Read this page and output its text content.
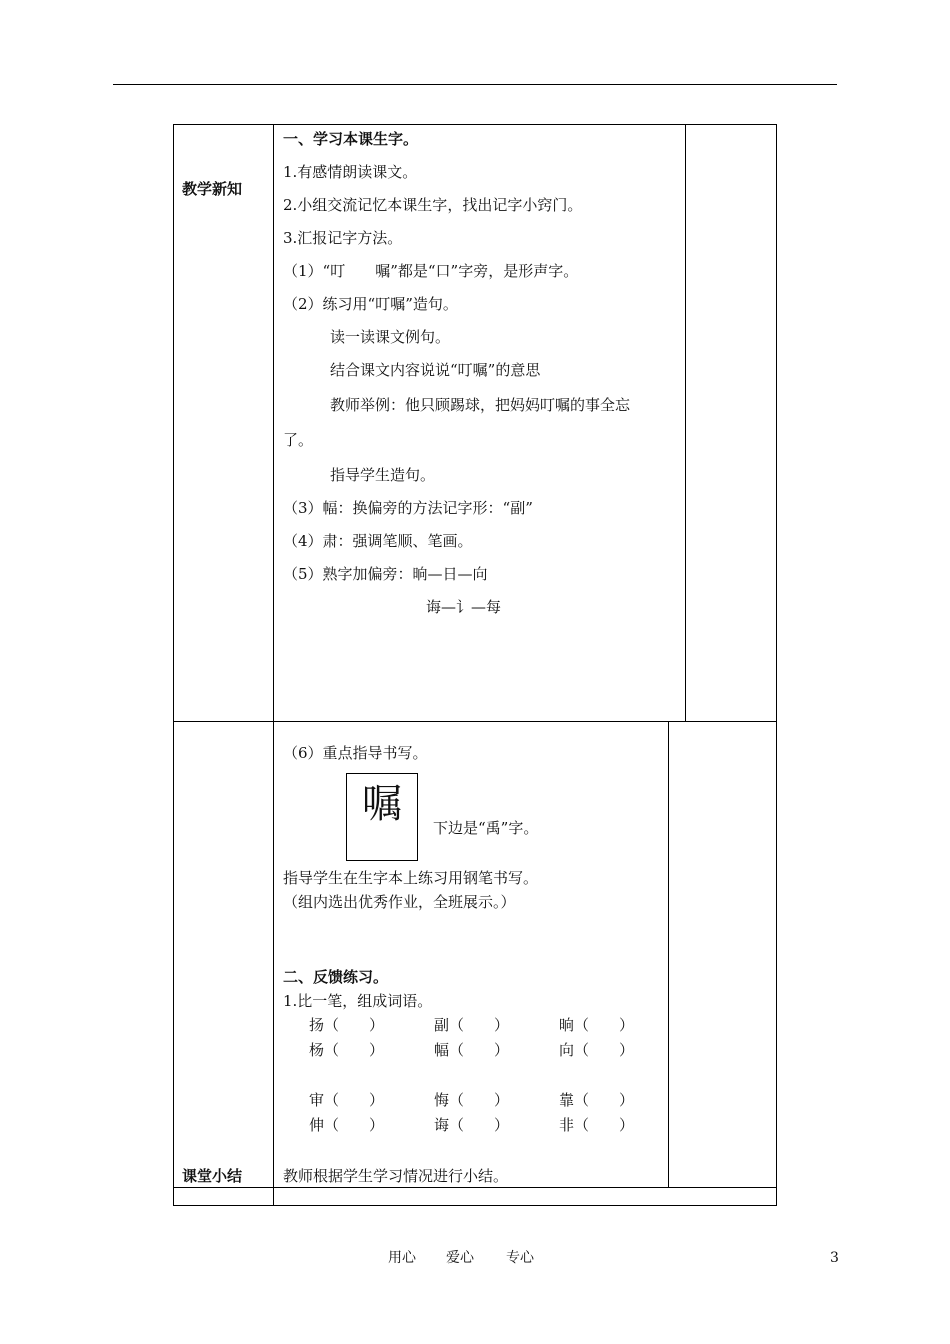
教学新知
一、学习本课生字。
1.有感情朗读课文。
2.小组交流记忆本课生字，找出记字小窍门。
3.汇报记字方法。
（1）“叮　　嘱”都是“口”字旁，是形声字。
（2）练习用“叮嘱”造句。
读一读课文例句。
结合课文内容说说“叮嘱”的意思
教师举例：他只顾踢球，把妈妈叮嘱的事全忘
了。
指导学生造句。
（3）幅：换偏旁的方法记字形：“副”
（4）肃：强调笔顺、笔画。
（5）熟字加偏旁：晌—日—向
诲—讠—每
（6）重点指导书写。
嘱
下边是“禹”字。
指导学生在生字本上练习用钢笔书写。
（组内选出优秀作业，全班展示。）
二、反馈练习。
1.比一笔，组成词语。
扬（　　）	副（　　）	晌（　　）
杨（　　）	幅（　　）	向（　　）
审（　　）	悔（　　）	靠（　　）
伸（　　）	诲（　　）	非（　　）
课堂小结	教师根据学生学习情况进行小结。
用心 爱心 专心	3
